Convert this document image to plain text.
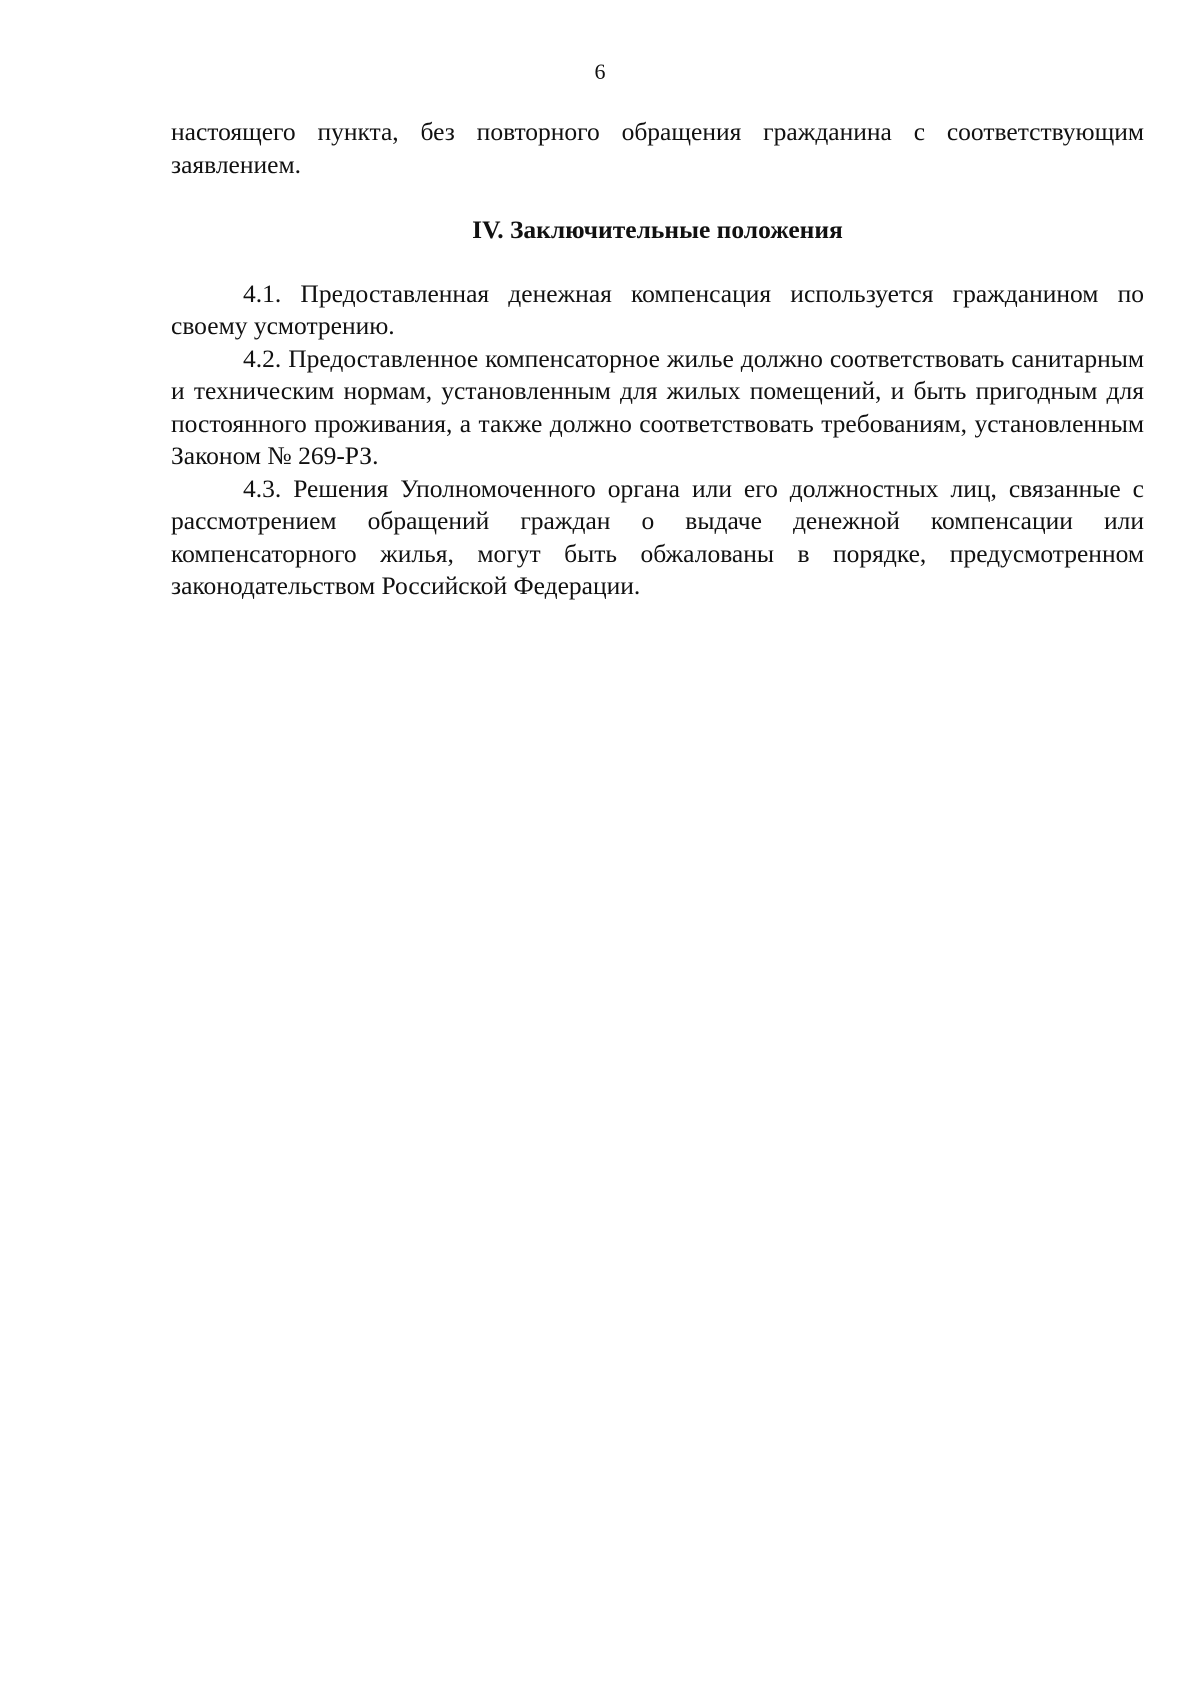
6

настоящего пункта, без повторного обращения гражданина с соответствующим заявлением.

IV. Заключительные положения

4.1. Предоставленная денежная компенсация используется гражданином по своему усмотрению.

4.2. Предоставленное компенсаторное жилье должно соответствовать санитарным и техническим нормам, установленным для жилых помещений, и быть пригодным для постоянного проживания, а также должно соответствовать требованиям, установленным Законом № 269-РЗ.

4.3. Решения Уполномоченного органа или его должностных лиц, связанные с рассмотрением обращений граждан о выдаче денежной компенсации или компенсаторного жилья, могут быть обжалованы в порядке, предусмотренном законодательством Российской Федерации.
